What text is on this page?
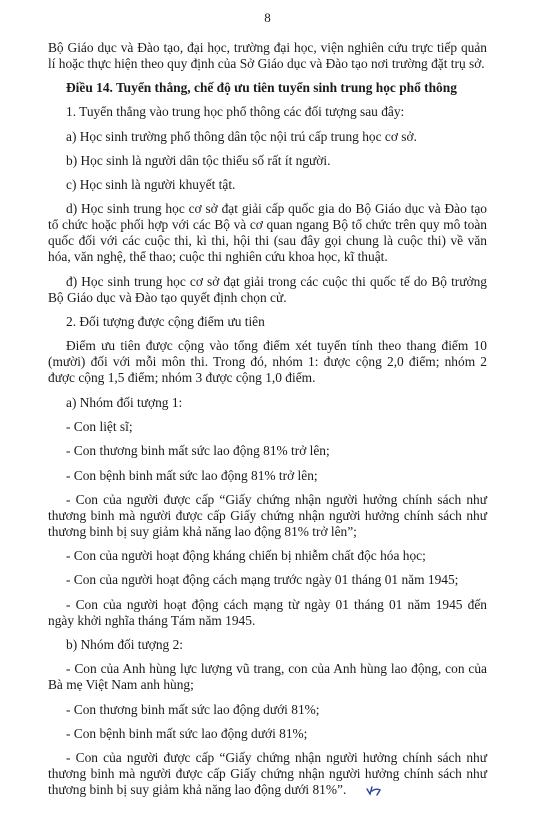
8

Bộ Giáo dục và Đào tạo, đại học, trường đại học, viện nghiên cứu trực tiếp quản lí hoặc thực hiện theo quy định của Sở Giáo dục và Đào tạo nơi trường đặt trụ sở.

Điều 14. Tuyển thẳng, chế độ ưu tiên tuyển sinh trung học phổ thông

1. Tuyển thẳng vào trung học phổ thông các đối tượng sau đây:

a) Học sinh trường phổ thông dân tộc nội trú cấp trung học cơ sở.

b) Học sinh là người dân tộc thiểu số rất ít người.

c) Học sinh là người khuyết tật.

d) Học sinh trung học cơ sở đạt giải cấp quốc gia do Bộ Giáo dục và Đào tạo tổ chức hoặc phối hợp với các Bộ và cơ quan ngang Bộ tổ chức trên quy mô toàn quốc đối với các cuộc thi, kì thi, hội thi (sau đây gọi chung là cuộc thi) về văn hóa, văn nghệ, thể thao; cuộc thi nghiên cứu khoa học, kĩ thuật.

đ) Học sinh trung học cơ sở đạt giải trong các cuộc thi quốc tế do Bộ trưởng Bộ Giáo dục và Đào tạo quyết định chọn cử.

2. Đối tượng được cộng điểm ưu tiên

Điểm ưu tiên được cộng vào tổng điểm xét tuyển tính theo thang điểm 10 (mười) đối với mỗi môn thi. Trong đó, nhóm 1: được cộng 2,0 điểm; nhóm 2 được cộng 1,5 điểm; nhóm 3 được cộng 1,0 điểm.

a) Nhóm đối tượng 1:

- Con liệt sĩ;

- Con thương binh mất sức lao động 81% trở lên;

- Con bệnh binh mất sức lao động 81% trở lên;

- Con của người được cấp “Giấy chứng nhận người hưởng chính sách như thương binh mà người được cấp Giấy chứng nhận người hưởng chính sách như thương binh bị suy giảm khả năng lao động 81% trở lên”;

- Con của người hoạt động kháng chiến bị nhiễm chất độc hóa học;

- Con của người hoạt động cách mạng trước ngày 01 tháng 01 năm 1945;

- Con của người hoạt động cách mạng từ ngày 01 tháng 01 năm 1945 đến ngày khởi nghĩa tháng Tám năm 1945.

b) Nhóm đối tượng 2:

- Con của Anh hùng lực lượng vũ trang, con của Anh hùng lao động, con của Bà mẹ Việt Nam anh hùng;

- Con thương binh mất sức lao động dưới 81%;

- Con bệnh binh mất sức lao động dưới 81%;

- Con của người được cấp “Giấy chứng nhận người hưởng chính sách như thương binh mà người được cấp Giấy chứng nhận người hưởng chính sách như thương binh bị suy giảm khả năng lao động dưới 81%”.
